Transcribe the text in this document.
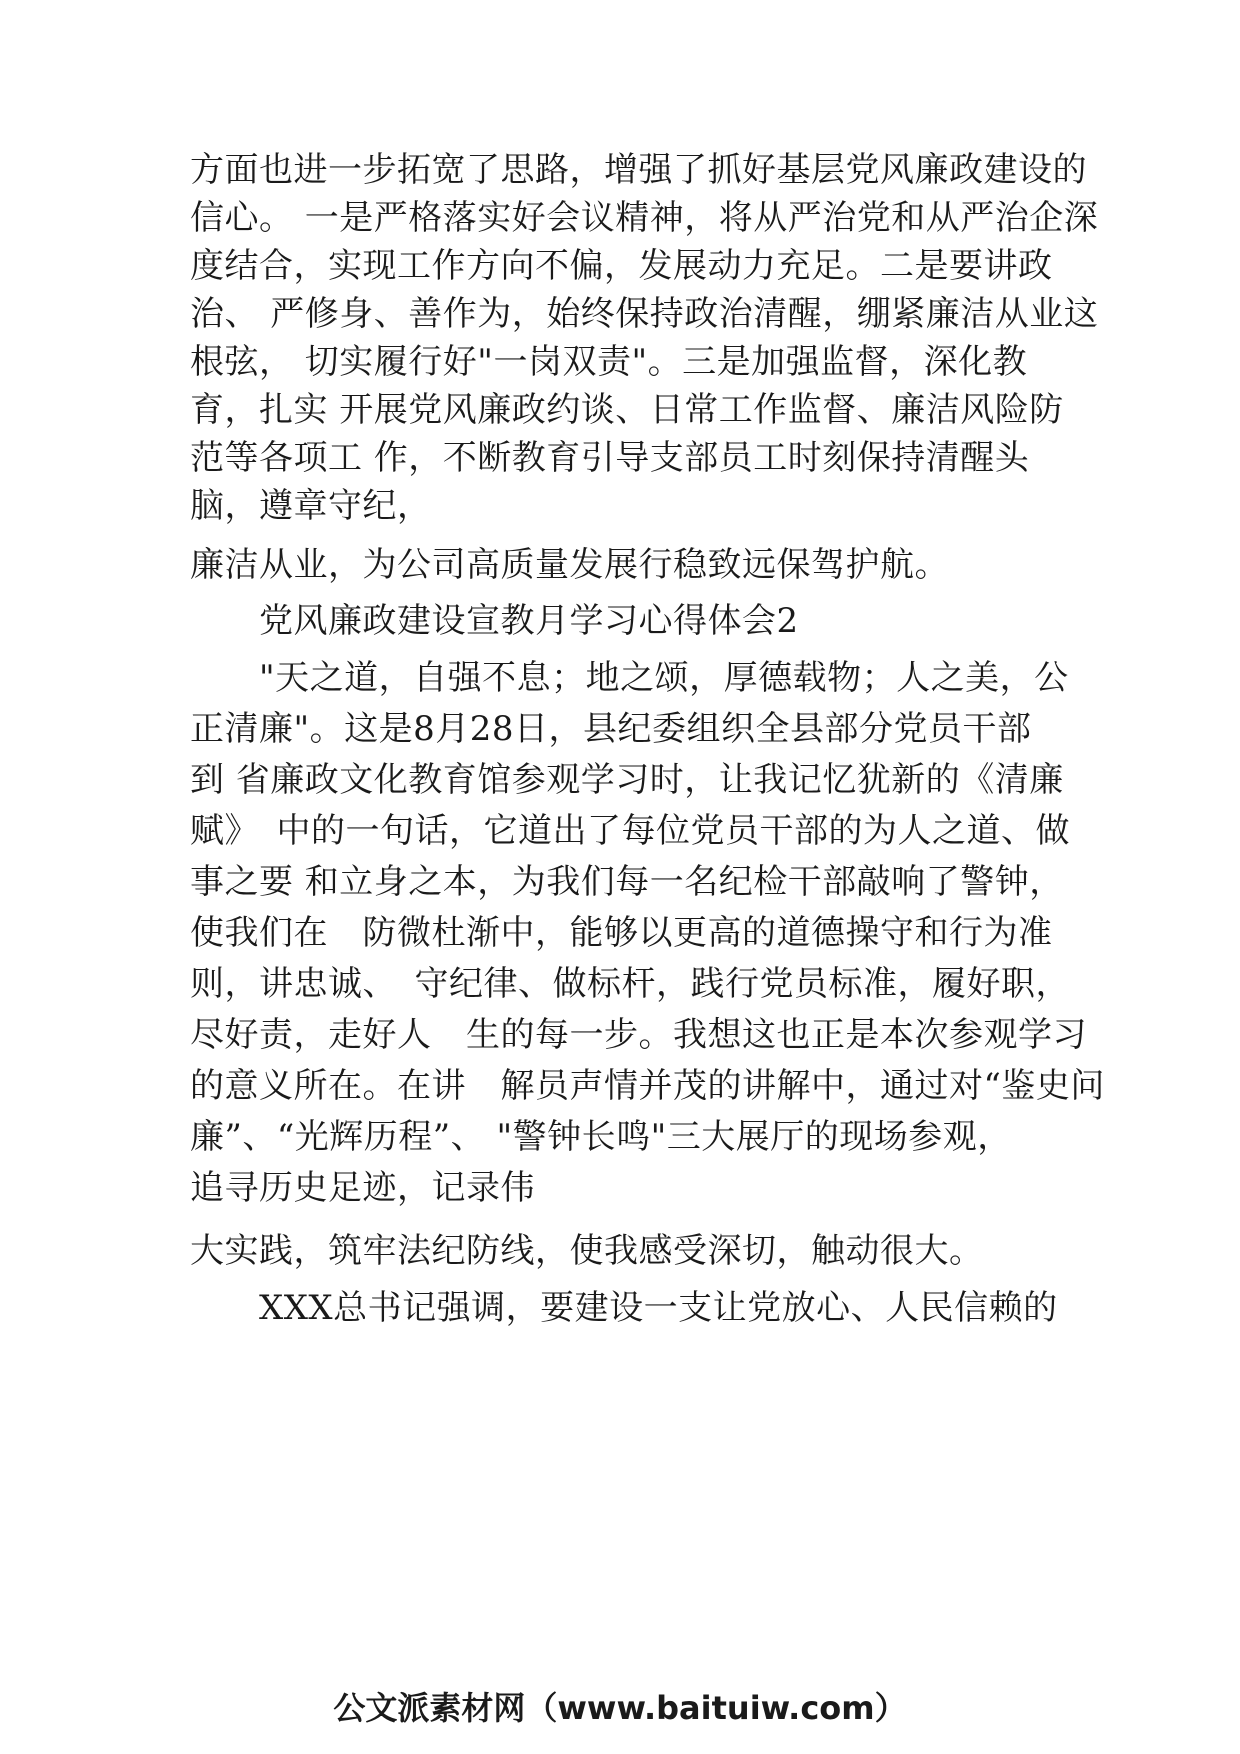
方面也进一步拓宽了思路，增强了抓好基层党风廉政建设的
信心。 一是严格落实好会议精神，将从严治党和从严治企深
度结合，实现工作方向不偏，发展动力充足。二是要讲政
治、 严修身、善作为，始终保持政治清醒，绷紧廉洁从业这
根弦， 切实履行好"一岗双责"。三是加强监督，深化教
育，扎实 开展党风廉政约谈、日常工作监督、廉洁风险防
范等各项工 作，不断教育引导支部员工时刻保持清醒头
脑，遵章守纪，
廉洁从业，为公司高质量发展行稳致远保驾护航。
　　党风廉政建设宣教月学习心得体会2
　　"天之道，自强不息；地之颂，厚德载物；人之美，公
正清廉"。这是8月28日，县纪委组织全县部分党员干部
到 省廉政文化教育馆参观学习时，让我记忆犹新的《清廉
赋》　中的一句话，它道出了每位党员干部的为人之道、做
事之要 和立身之本，为我们每一名纪检干部敲响了警钟，
使我们在　防微杜渐中，能够以更高的道德操守和行为准
则，讲忠诚、　守纪律、做标杆，践行党员标准，履好职，
尽好责，走好人　生的每一步。我想这也正是本次参观学习
的意义所在。在讲　解员声情并茂的讲解中，通过对“鉴史问
廉”、“光辉历程”、 "警钟长鸣"三大展厅的现场参观，
追寻历史足迹，记录伟
大实践，筑牢法纪防线，使我感受深切，触动很大。
　　XXX总书记强调，要建设一支让党放心、人民信赖的
公文派素材网（www.baituiw.com）
